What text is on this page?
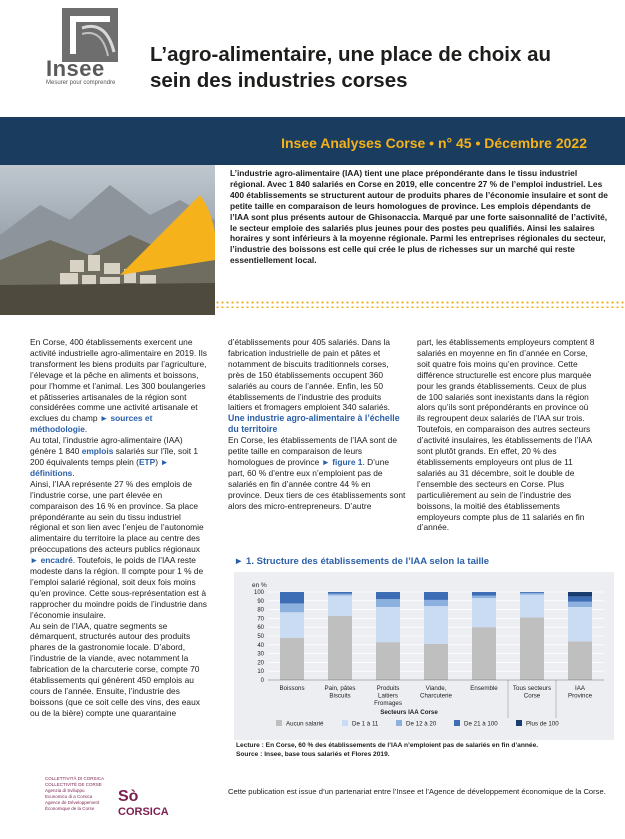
Insee
Mesurer pour comprendre
L’agro-alimentaire, une place de choix au sein des industries corses
Insee Analyses Corse • n° 45 • Décembre 2022

L’industrie agro-alimentaire (IAA) tient une place prépondérante dans le tissu industriel régional. Avec 1 840 salariés en Corse en 2019, elle concentre 27 % de l’emploi industriel. Les 400 établissements se structurent autour de produits phares de l’économie insulaire et sont de petite taille en comparaison de leurs homologues de province. Les emplois dépendants de l’IAA sont plus présents autour de Ghisonaccia. Marqué par une forte saisonnalité de l’activité, le secteur emploie des salariés plus jeunes pour des postes peu qualifiés. Ainsi les salaires horaires y sont inférieurs à la moyenne régionale. Parmi les entreprises régionales du secteur, l’industrie des boissons est celle qui crée le plus de richesses sur un marché qui reste essentiellement local.

En Corse, 400 établissements exercent une activité industrielle agro-alimentaire en 2019. Ils transforment les biens produits par l’agriculture, l’élevage et la pêche en aliments et boissons, pour l’homme et l’animal. Les 300 boulangeries et pâtisseries artisanales de la région sont considérées comme une activité artisanale et exclues du champ ► sources et méthodologie.

Au total, l’industrie agro-alimentaire (IAA) génère 1 840 emplois salariés sur l’île, soit 1 200 équivalents temps plein (ETP) ► définitions.

Ainsi, l’IAA représente 27 % des emplois de l’industrie corse, une part élevée en comparaison des 16 % en province. Sa place prépondérante au sein du tissu industriel régional et son lien avec l’enjeu de l’autonomie alimentaire du territoire la place au centre des préoccupations des acteurs publics régionaux ► encadré. Toutefois, le poids de l’IAA reste modeste dans la région. Il compte pour 1 % de l’emploi salarié régional, soit deux fois moins qu’en province. Cette sous-représentation est à rapprocher du moindre poids de l’industrie dans l’économie insulaire.

Au sein de l’IAA, quatre segments se démarquent, structurés autour des produits phares de la gastronomie locale. D’abord, l’industrie de la viande, avec notamment la fabrication de la charcuterie corse, compte 70 établissements qui génèrent 450 emplois au cours de l’année. Ensuite, l’industrie des boissons (que ce soit celle des vins, des eaux ou de la bière) compte une quarantaine

d’établissements pour 405 salariés. Dans la fabrication industrielle de pain et pâtes et notamment de biscuits traditionnels corses, près de 150 établissements occupent 360 salariés au cours de l’année. Enfin, les 50 établissements de l’industrie des produits laitiers et fromagers emploient 340 salariés.

Une industrie agro-alimentaire à l’échelle du territoire

En Corse, les établissements de l’IAA sont de petite taille en comparaison de leurs homologues de province ► figure 1. D’une part, 60 % d’entre eux n’emploient pas de salariés en fin d’année contre 44 % en province. Deux tiers de ces établissements sont alors des micro-entrepreneurs. D’autre

part, les établissements employeurs comptent 8 salariés en moyenne en fin d’année en Corse, soit quatre fois moins qu’en province. Cette différence structurelle est encore plus marquée pour les grands établissements. Ceux de plus de 100 salariés sont inexistants dans la région alors qu’ils sont prépondérants en province où ils regroupent deux salariés de l’IAA sur trois. Toutefois, en comparaison des autres secteurs d’activité insulaires, les établissements de l’IAA sont plutôt grands. En effet, 20 % des établissements employeurs ont plus de 11 salariés au 31 décembre, soit le double de l’ensemble des secteurs en Corse. Plus particulièrement au sein de l’industrie des boissons, la moitié des établissements employeurs compte plus de 11 salariés en fin d’année.

► 1. Structure des établissements de l’IAA selon la taille
en %
0
10
20
30
40
50
60
70
80
90
100
Boissons	Pain, pâtes Biscuits
Produits Laitiers Fromages
Viande, Charcuterie
Ensemble Tous secteurs Corse
IAA Province
Secteurs IAA Corse
Aucun salarié	De 1 à 11	De 12 à 20	De 21 à 100	Plus de 100
Lecture : En Corse, 60 % des établissements de l’IAA n’emploient pas de salariés en fin d’année.
Source : Insee, base tous salariés et Flores 2019.
COLLETTIVITÀ DI CORSICA
COLLECTIVITÉ DE CORSE
Agenzia di Sviluppu Ecunomicu di a Corsica
Agence de Développement Économique de la Corse
Sò
CORSICA

Cette publication est issue d’un partenariat entre l’Insee et l’Agence de développement économique de la Corse.
